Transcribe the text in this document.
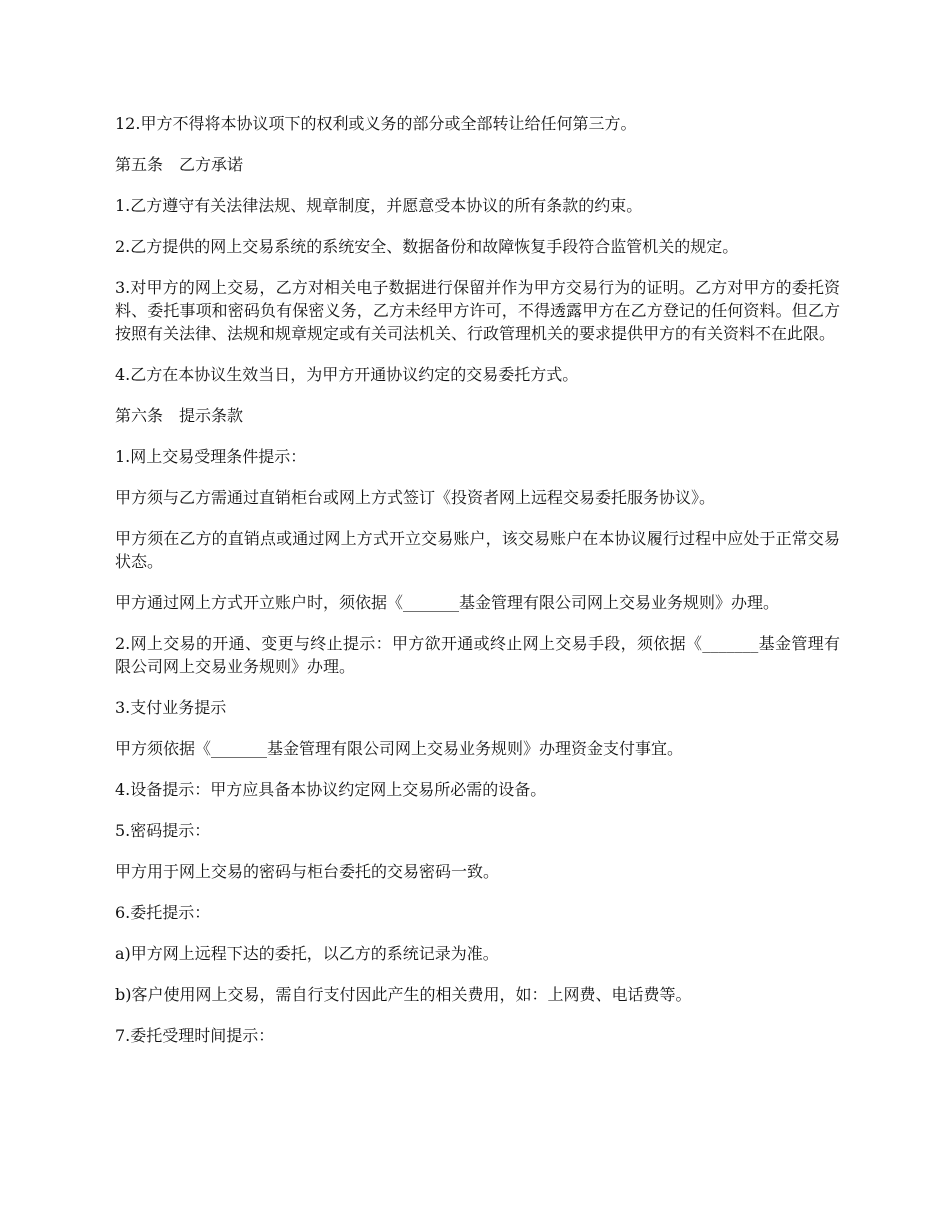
12.甲方不得将本协议项下的权利或义务的部分或全部转让给任何第三方。

第五条　乙方承诺

1.乙方遵守有关法律法规、规章制度，并愿意受本协议的所有条款的约束。

2.乙方提供的网上交易系统的系统安全、数据备份和故障恢复手段符合监管机关的规定。

3.对甲方的网上交易，乙方对相关电子数据进行保留并作为甲方交易行为的证明。乙方对甲方的委托资料、委托事项和密码负有保密义务，乙方未经甲方许可，不得透露甲方在乙方登记的任何资料。但乙方按照有关法律、法规和规章规定或有关司法机关、行政管理机关的要求提供甲方的有关资料不在此限。

4.乙方在本协议生效当日，为甲方开通协议约定的交易委托方式。

第六条　提示条款

1.网上交易受理条件提示：

甲方须与乙方需通过直销柜台或网上方式签订《投资者网上远程交易委托服务协议》。

甲方须在乙方的直销点或通过网上方式开立交易账户，该交易账户在本协议履行过程中应处于正常交易状态。

甲方通过网上方式开立账户时，须依据《_______基金管理有限公司网上交易业务规则》办理。

2.网上交易的开通、变更与终止提示：甲方欲开通或终止网上交易手段，须依据《_______基金管理有限公司网上交易业务规则》办理。

3.支付业务提示

甲方须依据《_______基金管理有限公司网上交易业务规则》办理资金支付事宜。

4.设备提示：甲方应具备本协议约定网上交易所必需的设备。

5.密码提示：

甲方用于网上交易的密码与柜台委托的交易密码一致。

6.委托提示：

a)甲方网上远程下达的委托，以乙方的系统记录为准。

b)客户使用网上交易，需自行支付因此产生的相关费用，如：上网费、电话费等。

7.委托受理时间提示：
